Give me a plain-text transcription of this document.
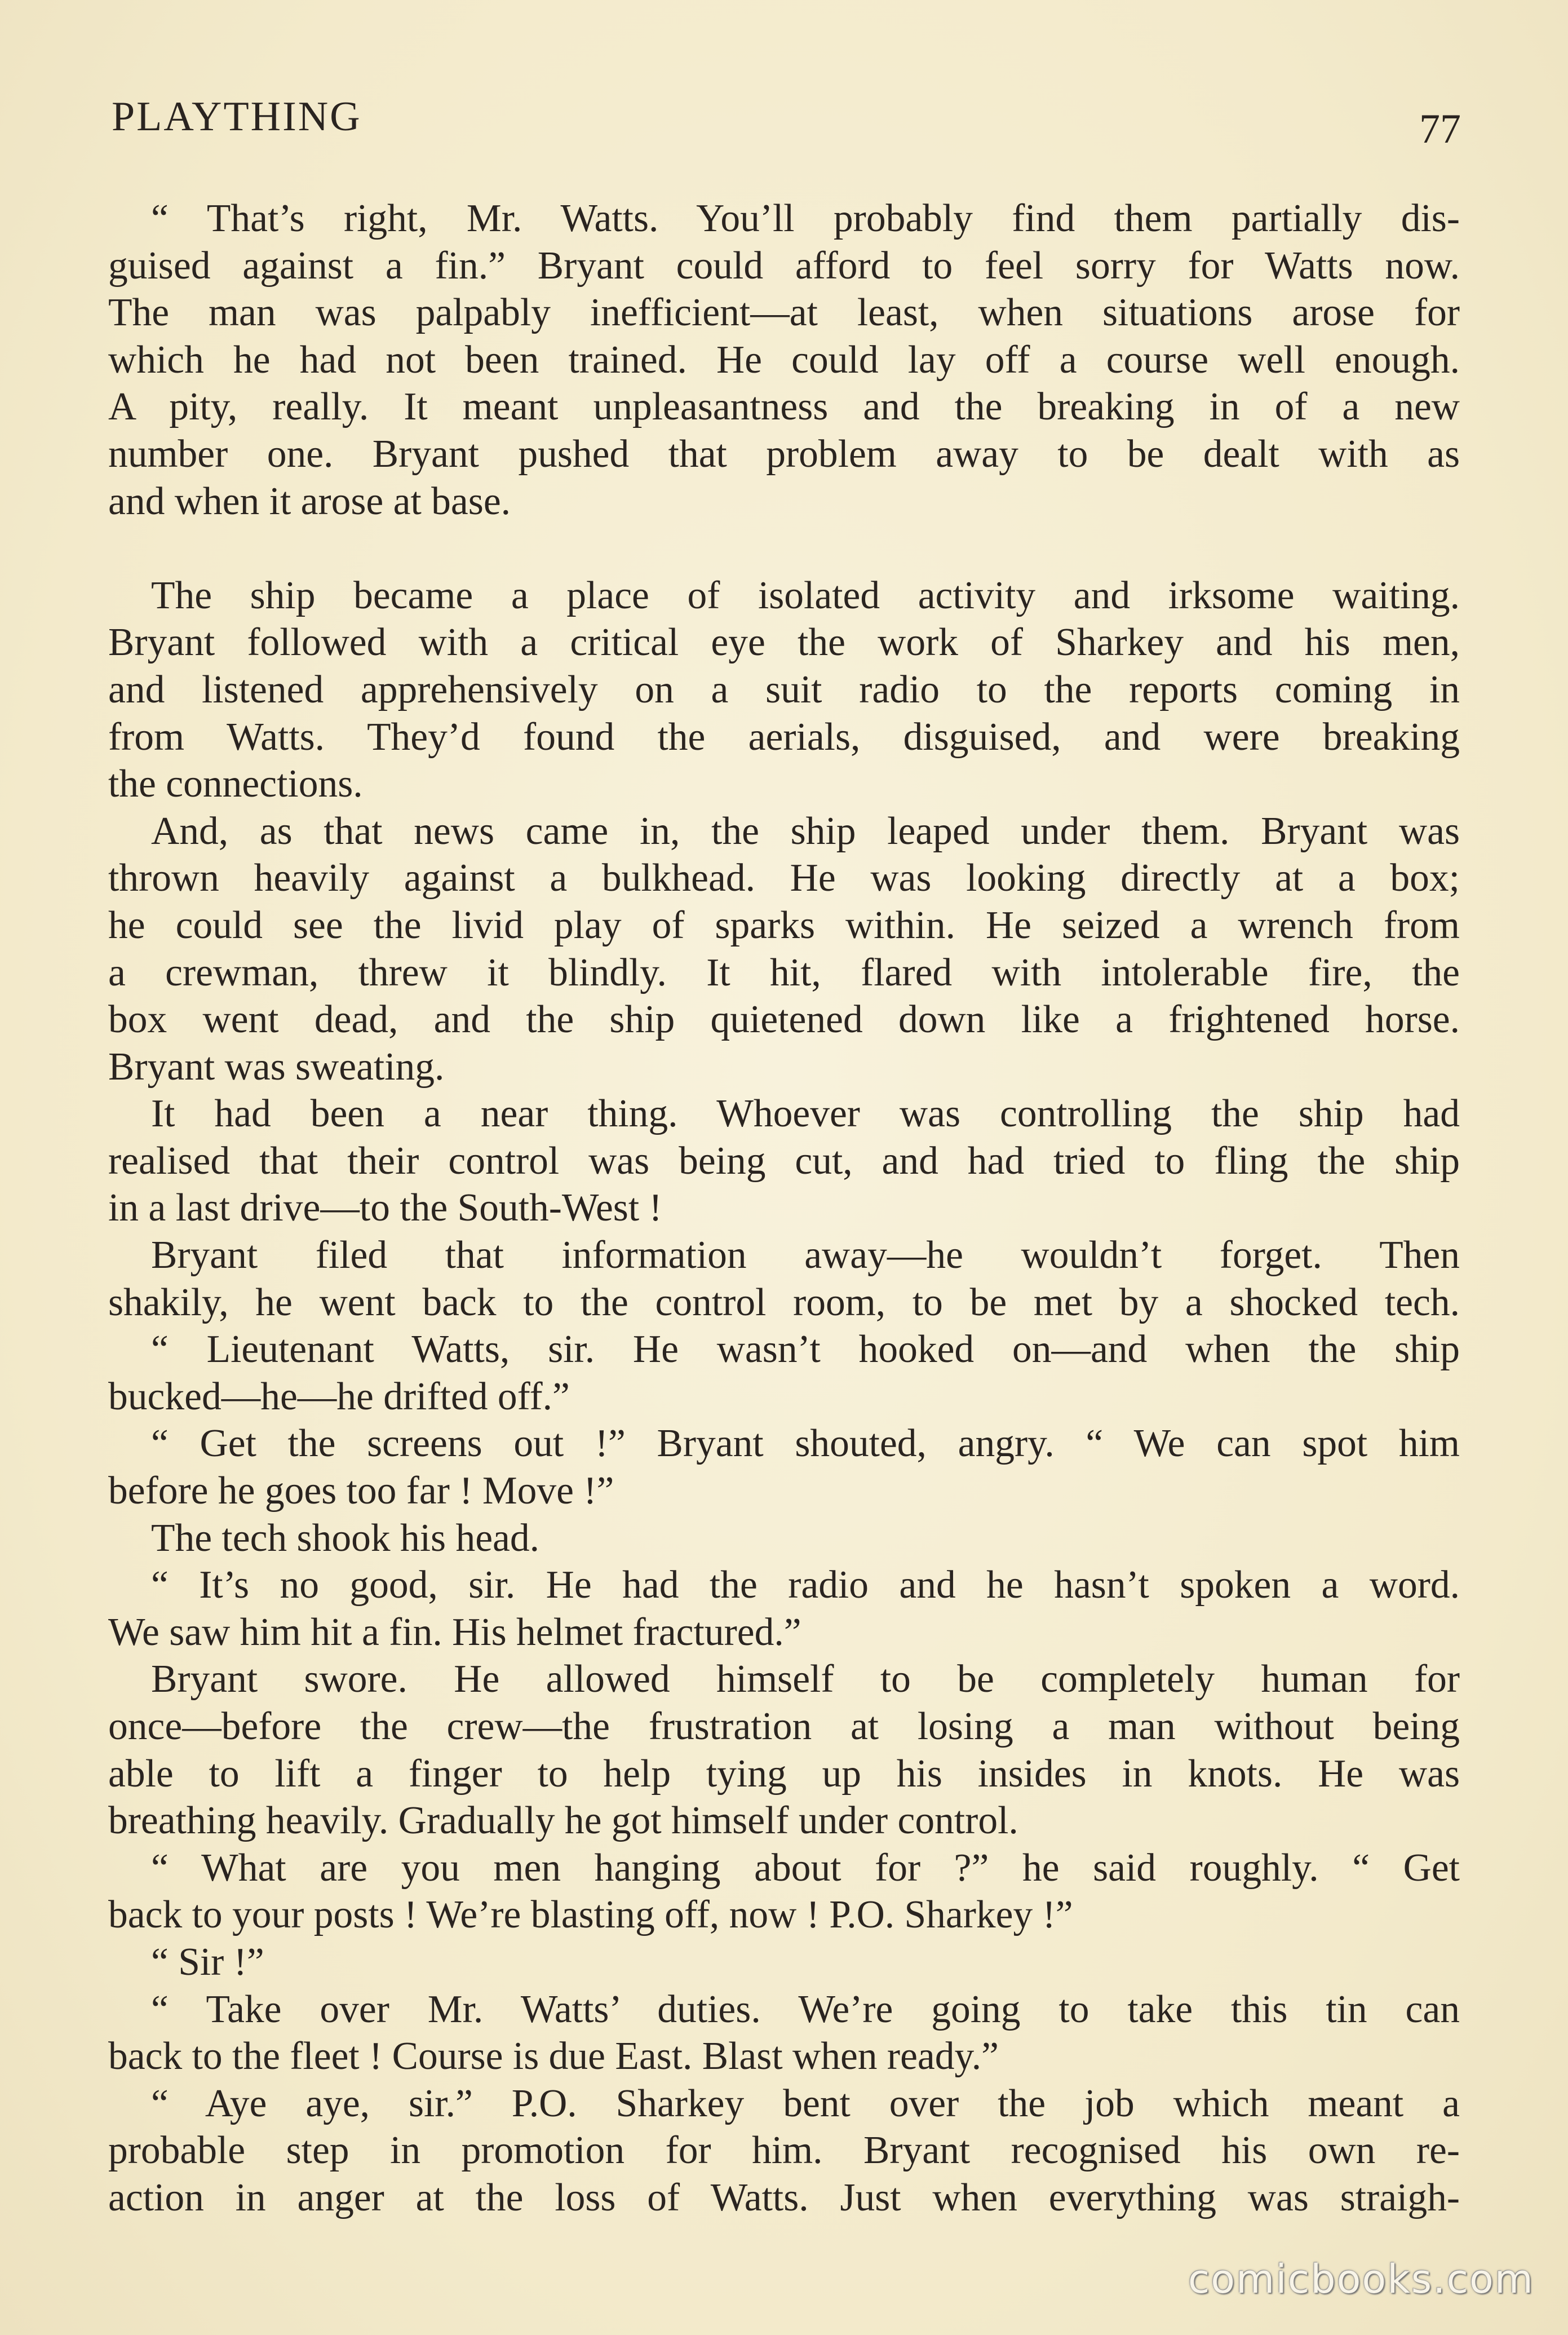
PLAYTHING	77
“ That’s right, Mr. Watts. You’ll probably find them partially dis-
guised against a fin.” Bryant could afford to feel sorry for Watts now.
The man was palpably inefficient—at least, when situations arose for
which he had not been trained. He could lay off a course well enough.
A pity, really. It meant unpleasantness and the breaking in of a new
number one. Bryant pushed that problem away to be dealt with as
and when it arose at base.
The ship became a place of isolated activity and irksome waiting.
Bryant followed with a critical eye the work of Sharkey and his men,
and listened apprehensively on a suit radio to the reports coming in
from Watts. They’d found the aerials, disguised, and were breaking
the connections.
And, as that news came in, the ship leaped under them. Bryant was
thrown heavily against a bulkhead. He was looking directly at a box;
he could see the livid play of sparks within. He seized a wrench from
a crewman, threw it blindly. It hit, flared with intolerable fire, the
box went dead, and the ship quietened down like a frightened horse.
Bryant was sweating.
It had been a near thing. Whoever was controlling the ship had
realised that their control was being cut, and had tried to fling the ship
in a last drive—to the South-West !
Bryant filed that information away—he wouldn’t forget. Then
shakily, he went back to the control room, to be met by a shocked tech.
“ Lieutenant Watts, sir. He wasn’t hooked on—and when the ship
bucked—he—he drifted off.”
“ Get the screens out !” Bryant shouted, angry. “ We can spot him
before he goes too far ! Move !”
The tech shook his head.
“ It’s no good, sir. He had the radio and he hasn’t spoken a word.
We saw him hit a fin. His helmet fractured.”
Bryant swore. He allowed himself to be completely human for
once—before the crew—the frustration at losing a man without being
able to lift a finger to help tying up his insides in knots. He was
breathing heavily. Gradually he got himself under control.
“ What are you men hanging about for ?” he said roughly. “ Get
back to your posts ! We’re blasting off, now ! P.O. Sharkey !”
“ Sir !”
“ Take over Mr. Watts’ duties. We’re going to take this tin can
back to the fleet ! Course is due East. Blast when ready.”
“ Aye aye, sir.” P.O. Sharkey bent over the job which meant a
probable step in promotion for him. Bryant recognised his own re-
action in anger at the loss of Watts. Just when everything was straigh-
comicbooks.com
